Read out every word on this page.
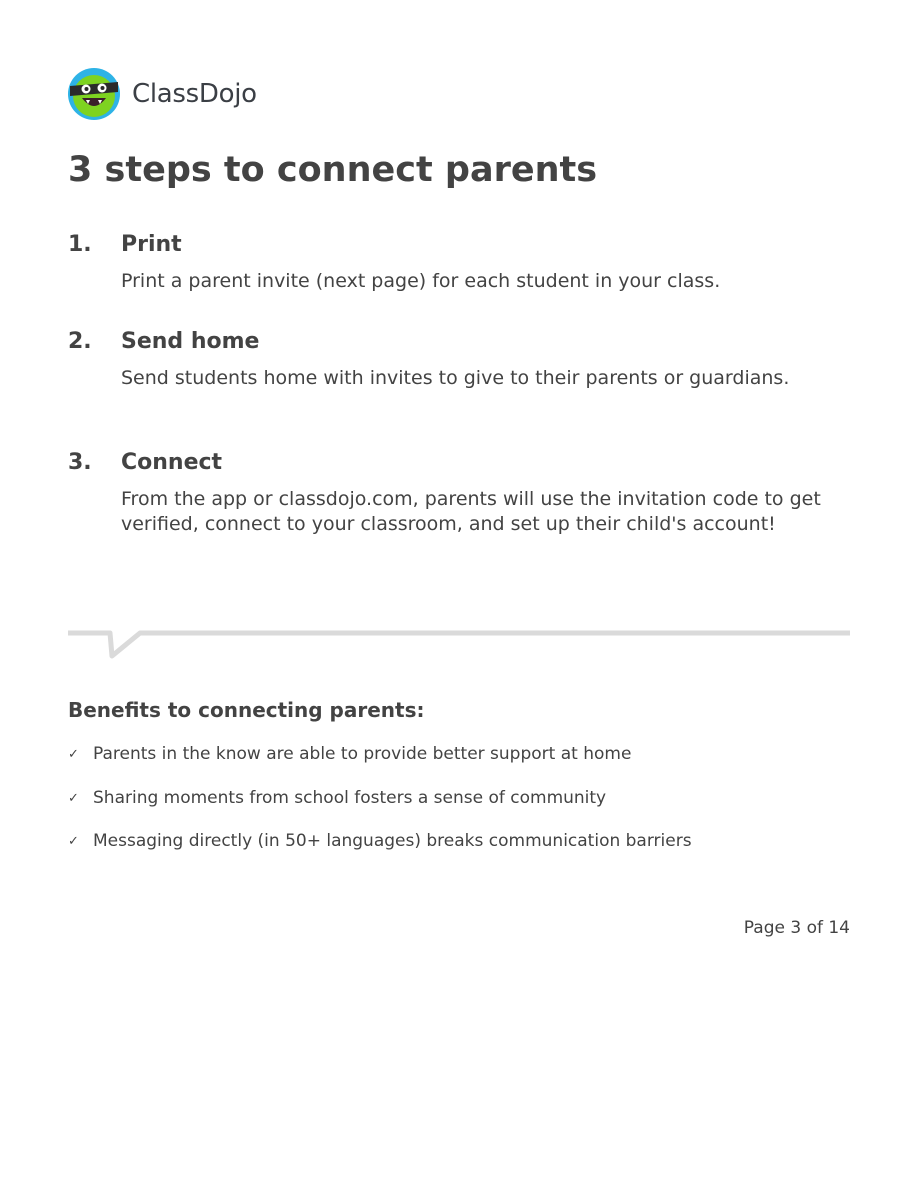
ClassDojo
3 steps to connect parents
1. Print
Print a parent invite (next page) for each student in your class.
2. Send home
Send students home with invites to give to their parents or guardians.
3. Connect
From the app or classdojo.com, parents will use the invitation code to get verified, connect to your classroom, and set up their child's account!
Benefits to connecting parents:
✓ Parents in the know are able to provide better support at home
✓ Sharing moments from school fosters a sense of community
✓ Messaging directly (in 50+ languages) breaks communication barriers
Page 3 of 14
